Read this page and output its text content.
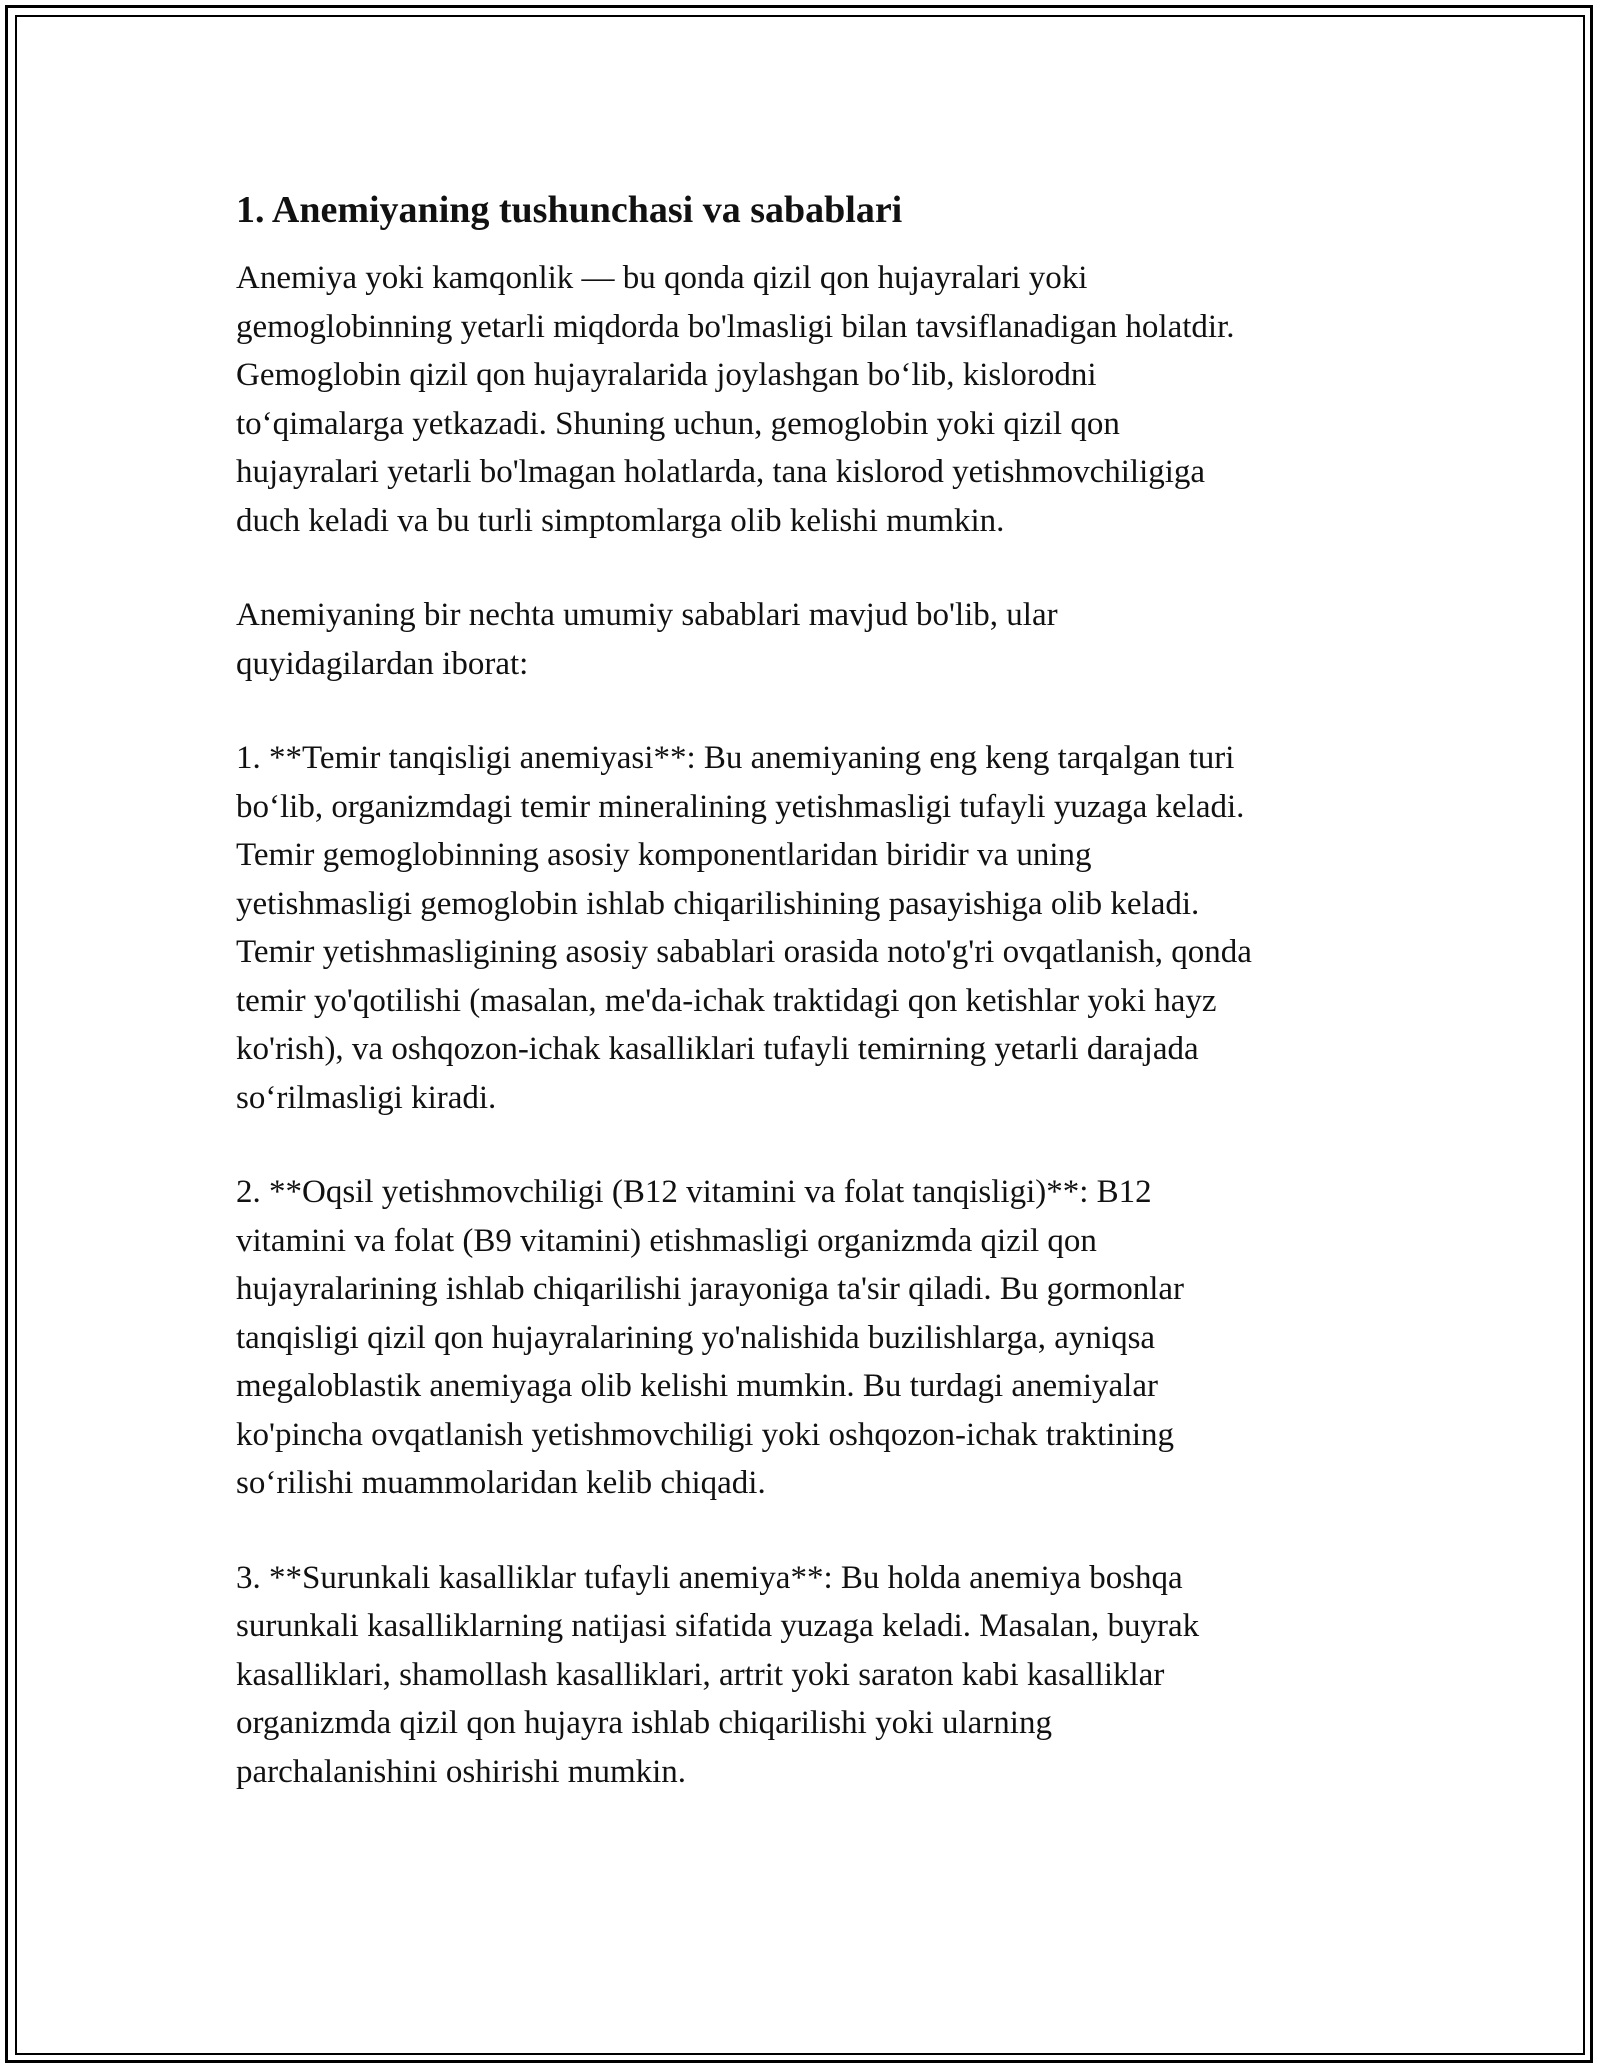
1. Anemiyaning tushunchasi va sabablari

Anemiya yoki kamqonlik — bu qonda qizil qon hujayralari yoki
gemoglobinning yetarli miqdorda bo'lmasligi bilan tavsiflanadigan holatdir.
Gemoglobin qizil qon hujayralarida joylashgan bo‘lib, kislorodni
to‘qimalarga yetkazadi. Shuning uchun, gemoglobin yoki qizil qon
hujayralari yetarli bo'lmagan holatlarda, tana kislorod yetishmovchiligiga
duch keladi va bu turli simptomlarga olib kelishi mumkin.

Anemiyaning bir nechta umumiy sabablari mavjud bo'lib, ular
quyidagilardan iborat:

1. **Temir tanqisligi anemiyasi**: Bu anemiyaning eng keng tarqalgan turi
bo‘lib, organizmdagi temir mineralining yetishmasligi tufayli yuzaga keladi.
Temir gemoglobinning asosiy komponentlaridan biridir va uning
yetishmasligi gemoglobin ishlab chiqarilishining pasayishiga olib keladi.
Temir yetishmasligining asosiy sabablari orasida noto'g'ri ovqatlanish, qonda
temir yo'qotilishi (masalan, me'da-ichak traktidagi qon ketishlar yoki hayz
ko'rish), va oshqozon-ichak kasalliklari tufayli temirning yetarli darajada
so‘rilmasligi kiradi.

2. **Oqsil yetishmovchiligi (B12 vitamini va folat tanqisligi)**: B12
vitamini va folat (B9 vitamini) etishmasligi organizmda qizil qon
hujayralarining ishlab chiqarilishi jarayoniga ta'sir qiladi. Bu gormonlar
tanqisligi qizil qon hujayralarining yo'nalishida buzilishlarga, ayniqsa
megaloblastik anemiyaga olib kelishi mumkin. Bu turdagi anemiyalar
ko'pincha ovqatlanish yetishmovchiligi yoki oshqozon-ichak traktining
so‘rilishi muammolaridan kelib chiqadi.

3. **Surunkali kasalliklar tufayli anemiya**: Bu holda anemiya boshqa
surunkali kasalliklarning natijasi sifatida yuzaga keladi. Masalan, buyrak
kasalliklari, shamollash kasalliklari, artrit yoki saraton kabi kasalliklar
organizmda qizil qon hujayra ishlab chiqarilishi yoki ularning
parchalanishini oshirishi mumkin.
